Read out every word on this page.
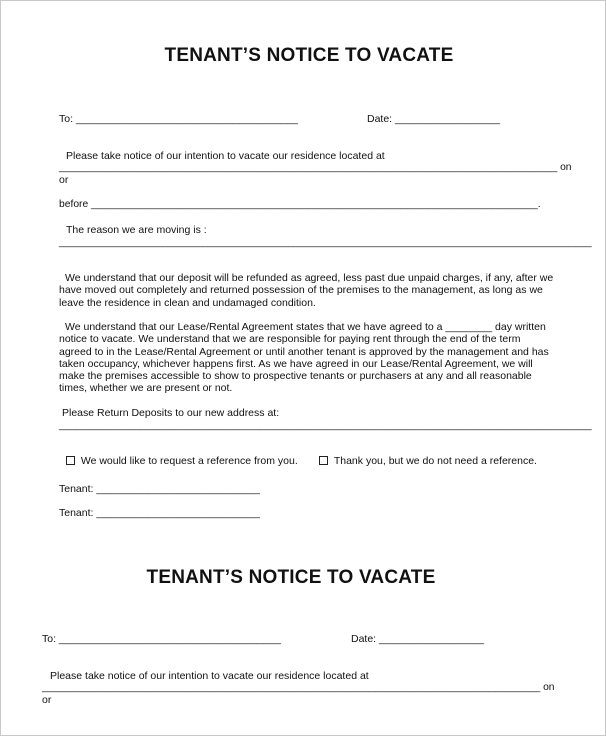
TENANT’S NOTICE TO VACATE
To: ______________________________________	Date: __________________
Please take notice of our intention to vacate our residence located at
_______________________________________________________________________________________ on
or
before ______________________________________________________________________________.
The reason we are moving is :
_____________________________________________________________________________________________
We understand that our deposit will be refunded as agreed, less past due unpaid charges, if any, after we have moved out completely and returned possession of the premises to the management, as long as we leave the residence in clean and undamaged condition.
We understand that our Lease/Rental Agreement states that we have agreed to a ________ day written notice to vacate. We understand that we are responsible for paying rent through the end of the term agreed to in the Lease/Rental Agreement or until another tenant is approved by the management and has taken occupancy, whichever happens first. As we have agreed in our Lease/Rental Agreement, we will make the premises accessible to show to prospective tenants or purchasers at any and all reasonable times, whether we are present or not.
Please Return Deposits to our new address at:
_____________________________________________________________________________________________

We would like to request a reference from you.	Thank you, but we do not need a reference.

Tenant: ____________________________
Tenant: ____________________________
TENANT’S NOTICE TO VACATE
To: ______________________________________	Date: __________________
Please take notice of our intention to vacate our residence located at
_______________________________________________________________________________________ on
or
